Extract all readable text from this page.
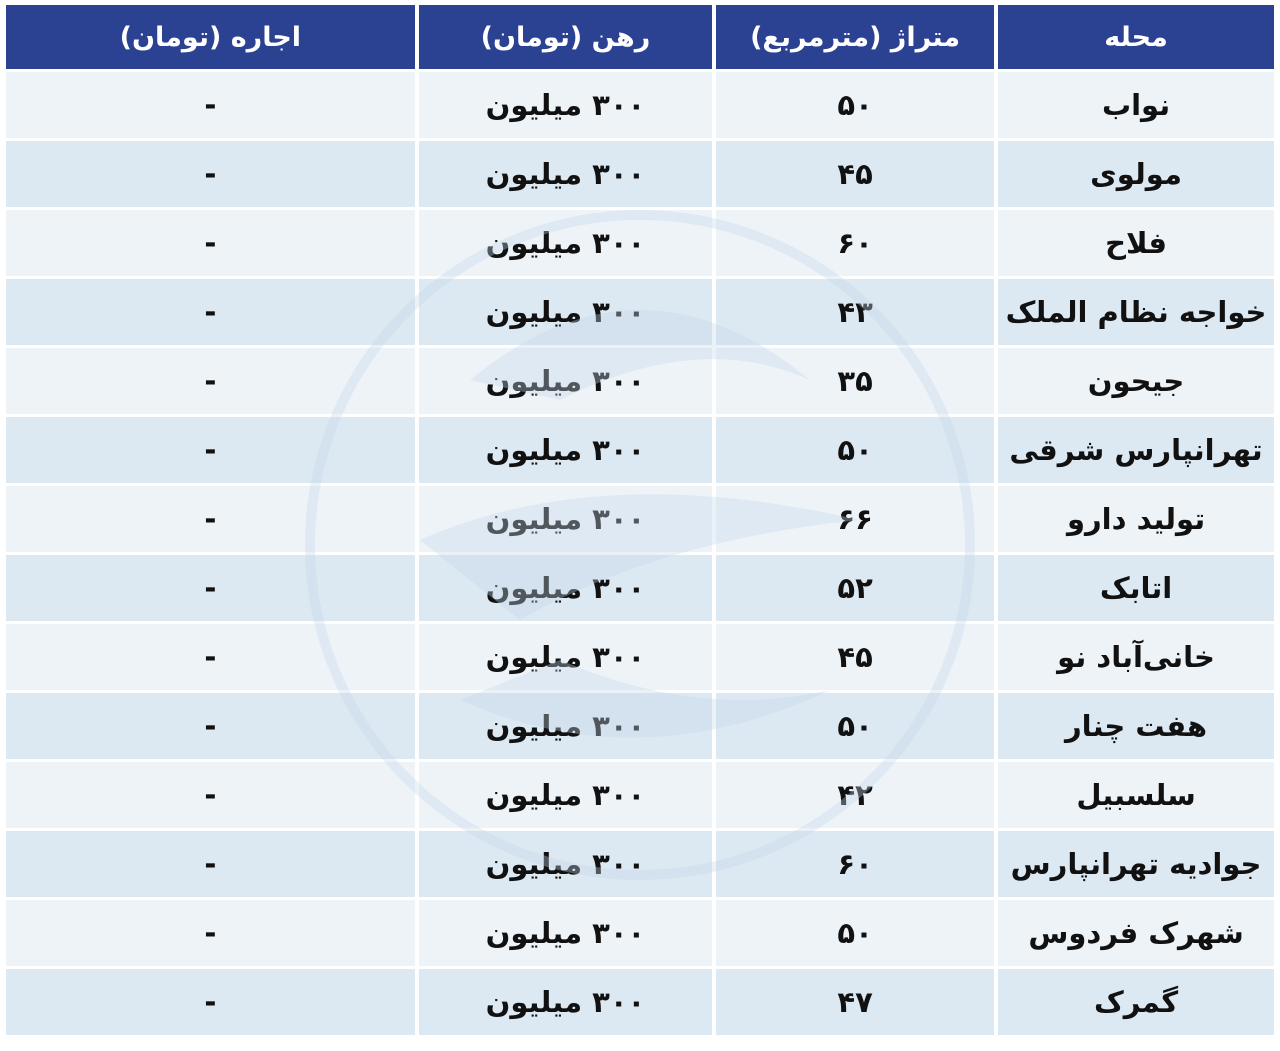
محله	متراژ (مترمربع)	رهن (تومان)	اجاره (تومان)
نواب	۵۰	۳۰۰ میلیون	-
مولوی	۴۵	۳۰۰ میلیون	-
فلاح	۶۰	۳۰۰ میلیون	-
خواجه نظام الملک	۴۳	۳۰۰ میلیون	-
جیحون	۳۵	۳۰۰ میلیون	-
تهرانپارس شرقی	۵۰	۳۰۰ میلیون	-
تولید دارو	۶۶	۳۰۰ میلیون	-
اتابک	۵۲	۳۰۰ میلیون	-
خانی‌آباد نو	۴۵	۳۰۰ میلیون	-
هفت چنار	۵۰	۳۰۰ میلیون	-
سلسبیل	۴۲	۳۰۰ میلیون	-
جوادیه تهرانپارس	۶۰	۳۰۰ میلیون	-
شهرک فردوس	۵۰	۳۰۰ میلیون	-
گمرک	۴۷	۳۰۰ میلیون	-
